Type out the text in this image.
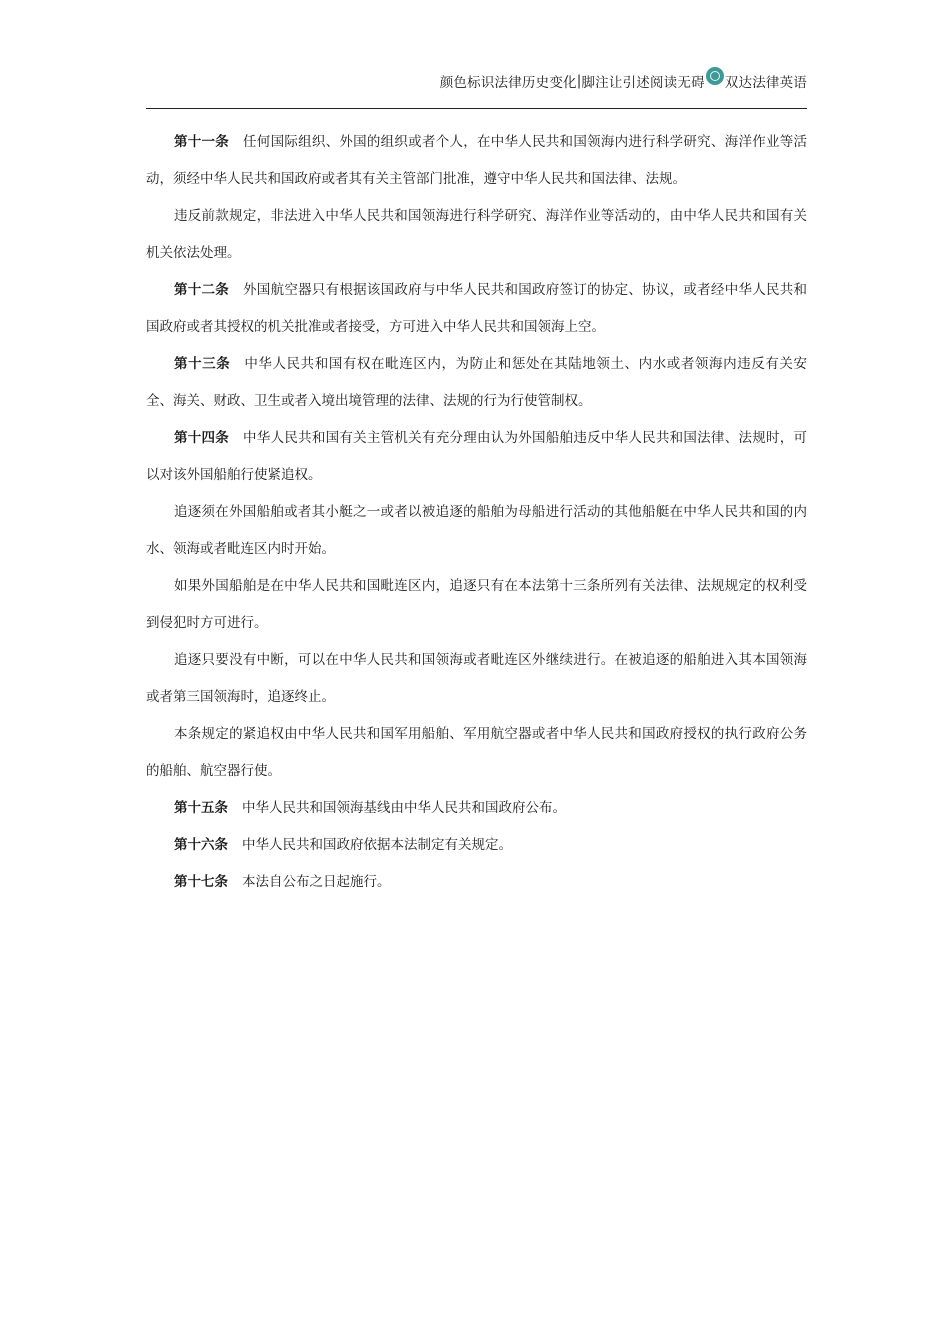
颜色标识法律历史变化 | 脚注让引述阅读无碍 双达法律英语

第十一条 任何国际组织、外国的组织或者个人，在中华人民共和国领海内进行科学研究、海洋作业等活动，须经中华人民共和国政府或者其有关主管部门批准，遵守中华人民共和国法律、法规。

违反前款规定，非法进入中华人民共和国领海进行科学研究、海洋作业等活动的，由中华人民共和国有关机关依法处理。

第十二条 外国航空器只有根据该国政府与中华人民共和国政府签订的协定、协议，或者经中华人民共和国政府或者其授权的机关批准或者接受，方可进入中华人民共和国领海上空。

第十三条 中华人民共和国有权在毗连区内，为防止和惩处在其陆地领土、内水或者领海内违反有关安全、海关、财政、卫生或者入境出境管理的法律、法规的行为行使管制权。

第十四条 中华人民共和国有关主管机关有充分理由认为外国船舶违反中华人民共和国法律、法规时，可以对该外国船舶行使紧追权。

追逐须在外国船舶或者其小艇之一或者以被追逐的船舶为母船进行活动的其他船艇在中华人民共和国的内水、领海或者毗连区内时开始。

如果外国船舶是在中华人民共和国毗连区内，追逐只有在本法第十三条所列有关法律、法规规定的权利受到侵犯时方可进行。

追逐只要没有中断，可以在中华人民共和国领海或者毗连区外继续进行。在被追逐的船舶进入其本国领海或者第三国领海时，追逐终止。

本条规定的紧追权由中华人民共和国军用船舶、军用航空器或者中华人民共和国政府授权的执行政府公务的船舶、航空器行使。

第十五条 中华人民共和国领海基线由中华人民共和国政府公布。

第十六条 中华人民共和国政府依据本法制定有关规定。

第十七条 本法自公布之日起施行。
